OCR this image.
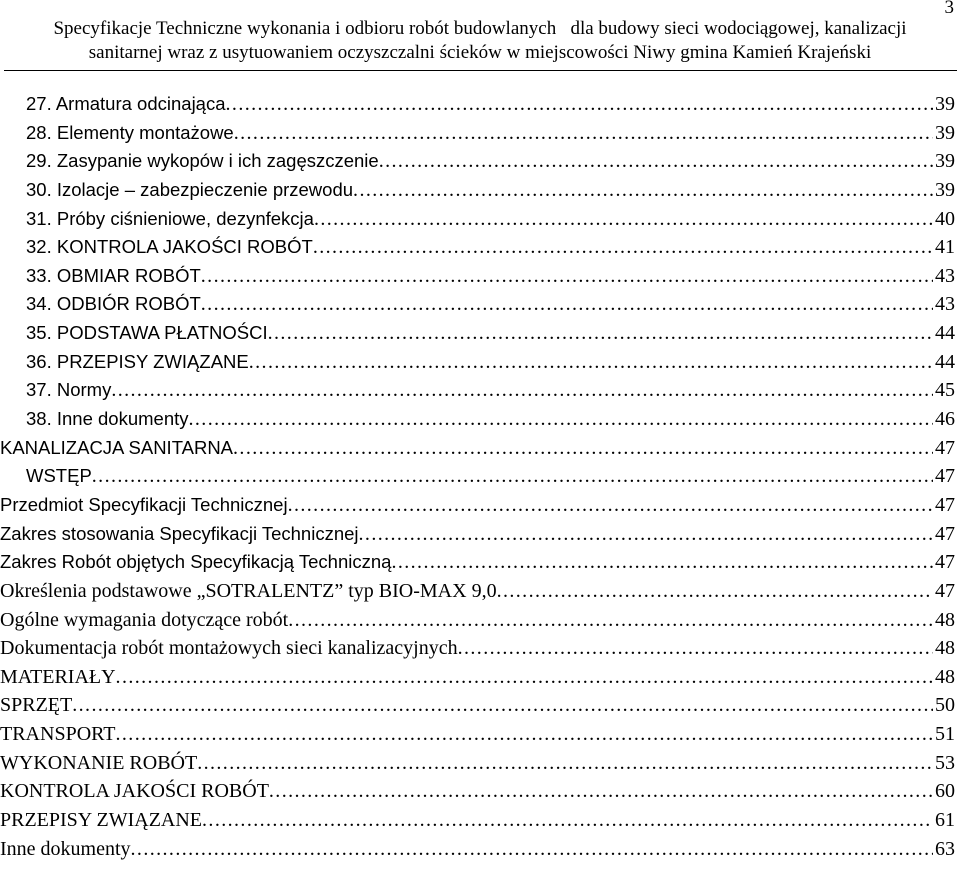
3
Specyfikacje Techniczne wykonania i odbioru robót budowlanych   dla budowy sieci wodociągowej, kanalizacji
sanitarnej wraz z usytuowaniem oczyszczalni ścieków w miejscowości Niwy gmina Kamień Krajeński
27. Armatura odcinająca . . .	39
28. Elementy montażowe . . .	39
29. Zasypanie wykopów i ich zagęszczenie . . .	39
30. Izolacje – zabezpieczenie przewodu . . .	39
31. Próby ciśnieniowe, dezynfekcja . . .	40
32. KONTROLA JAKOŚCI ROBÓT . . .	41
33. OBMIAR ROBÓT . . .	43
34. ODBIÓR ROBÓT . . .	43
35. PODSTAWA PŁATNOŚCI . . .	44
36. PRZEPISY ZWIĄZANE . . .	44
37. Normy . . .	45
38. Inne dokumenty . . .	46
KANALIZACJA SANITARNA . . .	47
WSTĘP . . .	47
Przedmiot Specyfikacji Technicznej . . .	47
Zakres stosowania Specyfikacji Technicznej . . .	47
Zakres Robót objętych Specyfikacją Techniczną . . .	47
Określenia podstawowe „SOTRALENTZ” typ BIO-MAX 9,0 . . .	47
Ogólne wymagania dotyczące robót . . .	48
Dokumentacja robót montażowych sieci kanalizacyjnych . . .	48
MATERIAŁY . . .	48
SPRZĘT . . .	50
TRANSPORT . . .	51
WYKONANIE ROBÓT . . .	53
KONTROLA JAKOŚCI ROBÓT . . .	60
PRZEPISY ZWIĄZANE . . .	61
Inne dokumenty . . .	63
